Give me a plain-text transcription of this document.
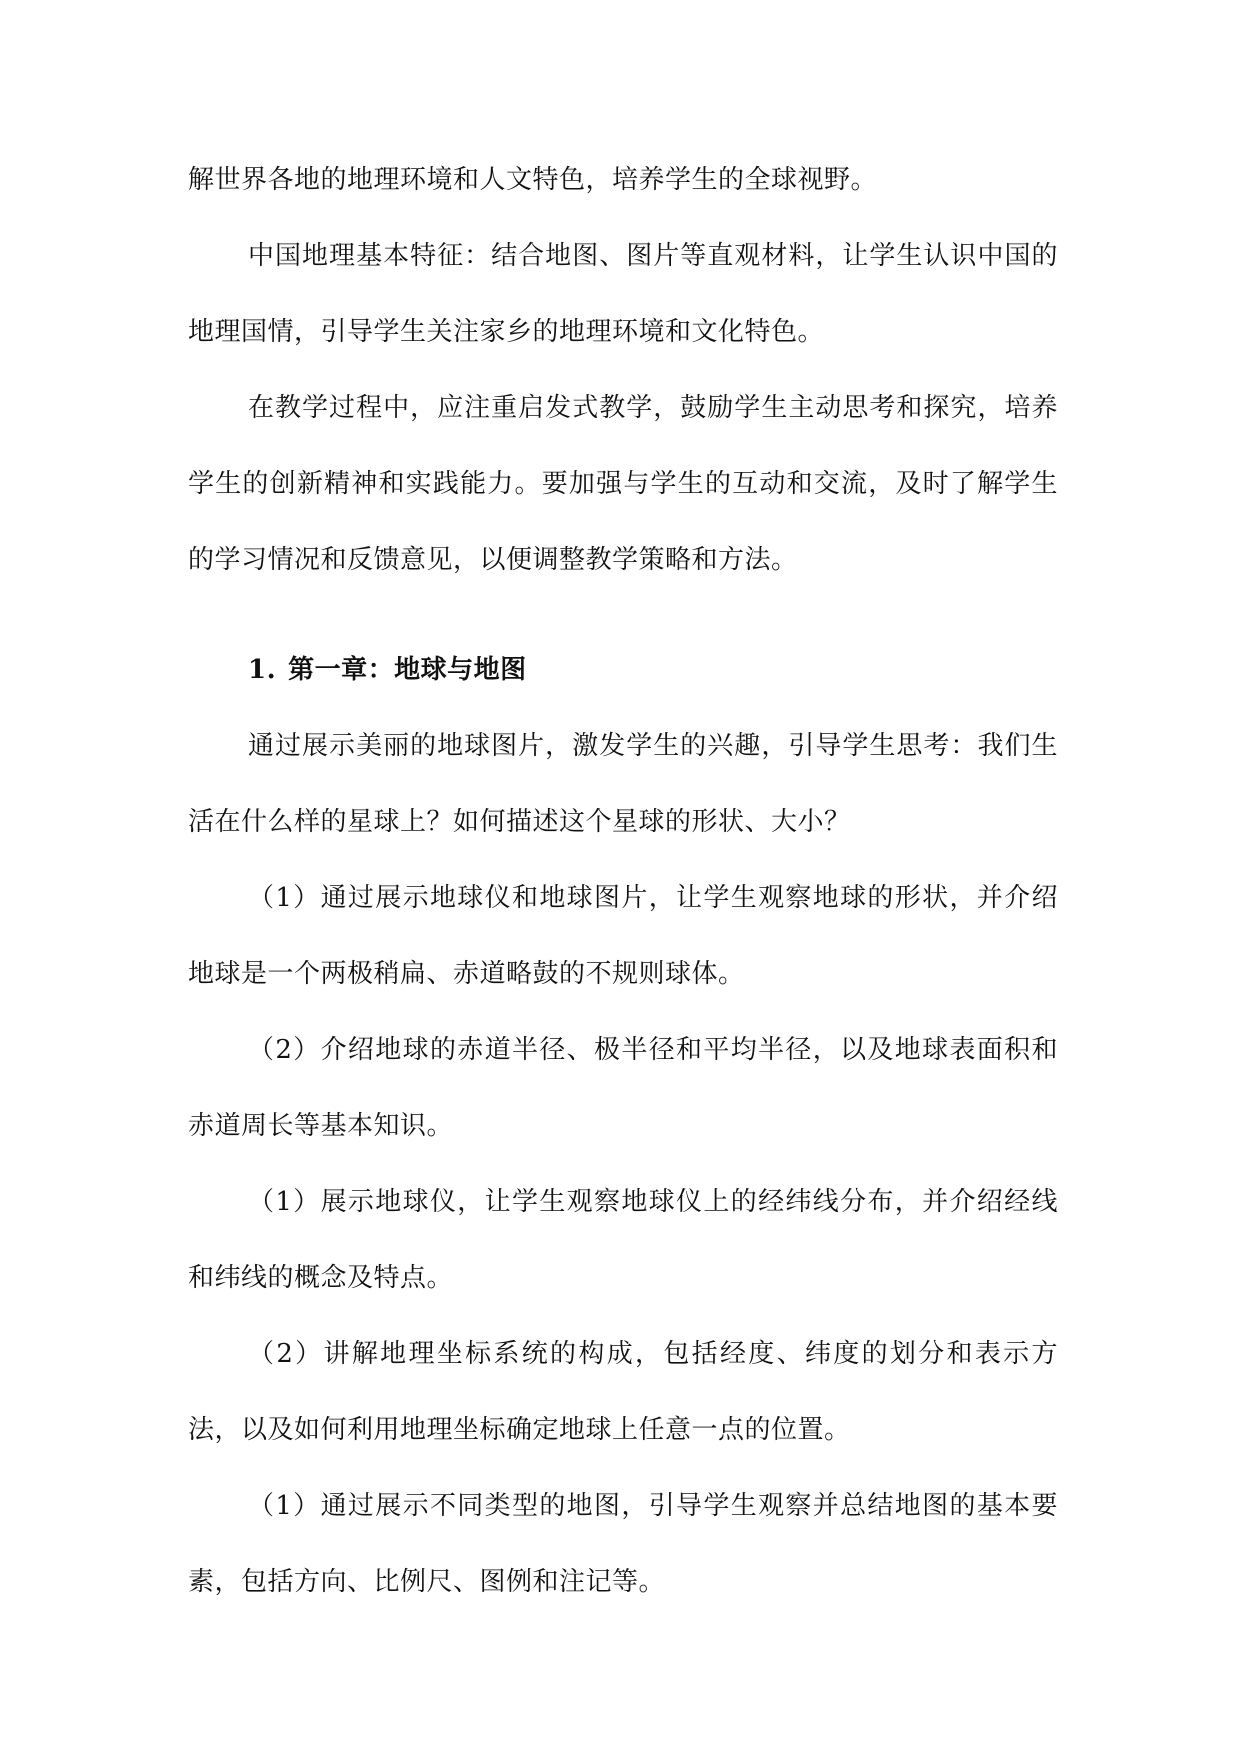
解世界各地的地理环境和人文特色，培养学生的全球视野。

中国地理基本特征：结合地图、图片等直观材料，让学生认识中国的地理国情，引导学生关注家乡的地理环境和文化特色。

在教学过程中，应注重启发式教学，鼓励学生主动思考和探究，培养学生的创新精神和实践能力。要加强与学生的互动和交流，及时了解学生的学习情况和反馈意见，以便调整教学策略和方法。

1. 第一章：地球与地图

通过展示美丽的地球图片，激发学生的兴趣，引导学生思考：我们生活在什么样的星球上？如何描述这个星球的形状、大小？

（1）通过展示地球仪和地球图片，让学生观察地球的形状，并介绍地球是一个两极稍扁、赤道略鼓的不规则球体。

（2）介绍地球的赤道半径、极半径和平均半径，以及地球表面积和赤道周长等基本知识。

（1）展示地球仪，让学生观察地球仪上的经纬线分布，并介绍经线和纬线的概念及特点。

（2）讲解地理坐标系统的构成，包括经度、纬度的划分和表示方法，以及如何利用地理坐标确定地球上任意一点的位置。

（1）通过展示不同类型的地图，引导学生观察并总结地图的基本要素，包括方向、比例尺、图例和注记等。
